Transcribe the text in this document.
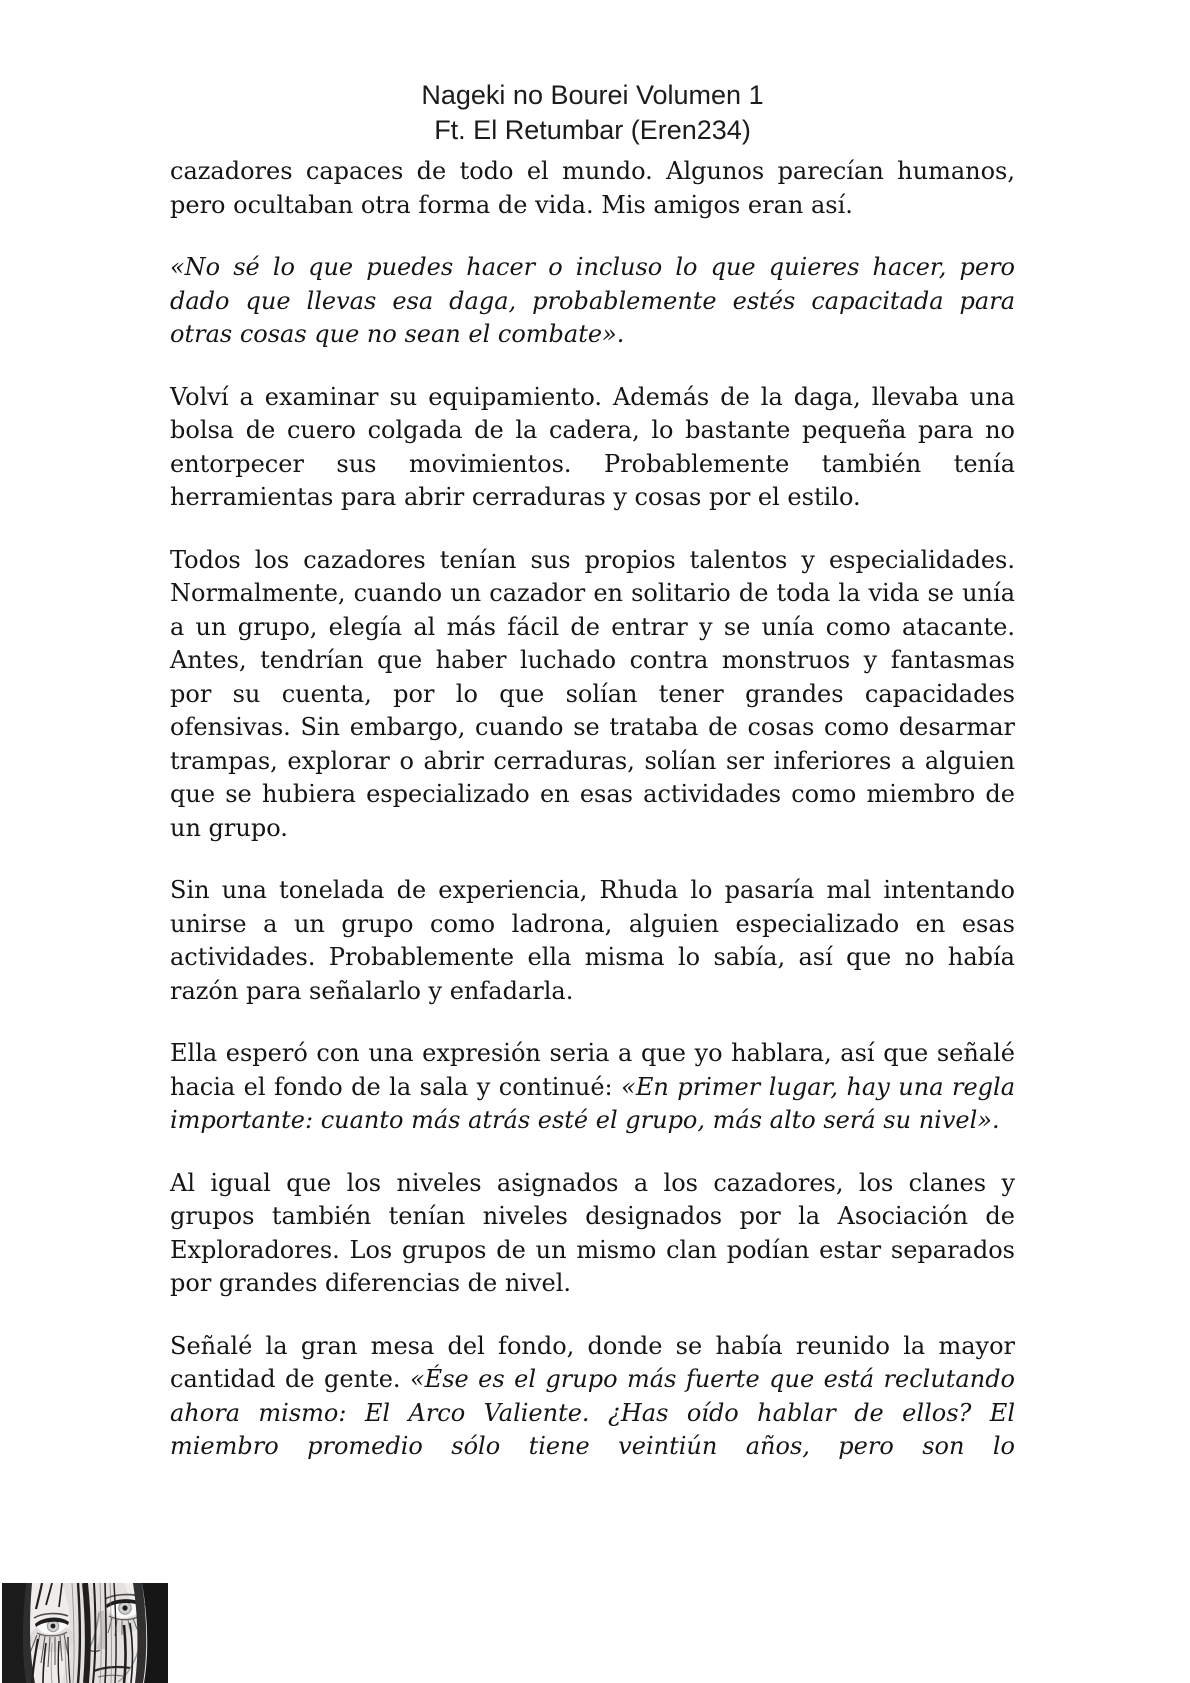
Nageki no Bourei Volumen 1
Ft. El Retumbar (Eren234)

cazadores capaces de todo el mundo. Algunos parecían humanos, pero ocultaban otra forma de vida. Mis amigos eran así.

«No sé lo que puedes hacer o incluso lo que quieres hacer, pero dado que llevas esa daga, probablemente estés capacitada para otras cosas que no sean el combate».

Volví a examinar su equipamiento. Además de la daga, llevaba una bolsa de cuero colgada de la cadera, lo bastante pequeña para no entorpecer sus movimientos. Probablemente también tenía herramientas para abrir cerraduras y cosas por el estilo.

Todos los cazadores tenían sus propios talentos y especialidades. Normalmente, cuando un cazador en solitario de toda la vida se unía a un grupo, elegía al más fácil de entrar y se unía como atacante. Antes, tendrían que haber luchado contra monstruos y fantasmas por su cuenta, por lo que solían tener grandes capacidades ofensivas. Sin embargo, cuando se trataba de cosas como desarmar trampas, explorar o abrir cerraduras, solían ser inferiores a alguien que se hubiera especializado en esas actividades como miembro de un grupo.

Sin una tonelada de experiencia, Rhuda lo pasaría mal intentando unirse a un grupo como ladrona, alguien especializado en esas actividades. Probablemente ella misma lo sabía, así que no había razón para señalarlo y enfadarla.

Ella esperó con una expresión seria a que yo hablara, así que señalé hacia el fondo de la sala y continué: «En primer lugar, hay una regla importante: cuanto más atrás esté el grupo, más alto será su nivel».

Al igual que los niveles asignados a los cazadores, los clanes y grupos también tenían niveles designados por la Asociación de Exploradores. Los grupos de un mismo clan podían estar separados por grandes diferencias de nivel.

Señalé la gran mesa del fondo, donde se había reunido la mayor cantidad de gente. «Ése es el grupo más fuerte que está reclutando ahora mismo: El Arco Valiente. ¿Has oído hablar de ellos? El miembro promedio sólo tiene veintiún años, pero son lo
